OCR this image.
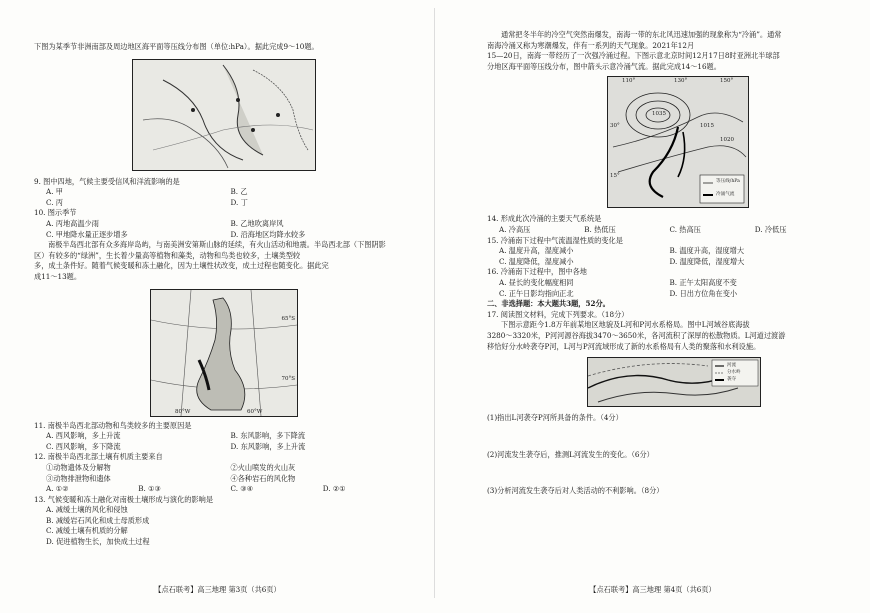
下图为某季节非洲南部及周边地区海平面等压线分布图（单位:hPa）。据此完成9～10题。

9. 图中四地，气候主要受信风和洋流影响的是

A. 甲	B. 乙
C. 丙	D. 丁

10. 图示季节

A. 丙地高温少雨	B. 乙地吹离岸风
C. 甲地降水量正逐步增多	D. 沿海地区均降水较多

南极半岛西北部有众多海岸岛屿，与南美洲安第斯山脉的延续，有火山活动和地震。半岛西北部（下图阴影

区）有较多的“绿洲”，生长着少量高等植物和藻类，动物和鸟类也较多，土壤类型较

多，成土条件好。随着气候变暖和冻土融化，因为土壤性状改变，成土过程也随变化。据此完

成11～13题。

65°S
70°S
80°W	60°W

11. 南极半岛西北部动物和鸟类较多的主要原因是

A. 西风影响，多上升流	B. 东风影响，多下降流
C. 西风影响，多下降流	D. 东风影响，多上升流

12. 南极半岛西北部土壤有机质主要来自

①动物遗体及分解物	②火山喷发的火山灰
③动物排泄物和遗体	④各种岩石的风化物
A. ①②	B. ①③	C. ③④	D. ②①

13. 气候变暖和冻土融化对南极土壤形成与演化的影响是

A. 减缓土壤的风化和侵蚀
B. 减缓岩石风化和成土母质形成
C. 减缓土壤有机质的分解
D. 促进植物生长，加快成土过程
【点石联考】高三地理 第3页（共6页）

通常把冬半年的冷空气突然南爆发，南海一带的东北风迅速加强的现象称为“冷涌”。通常

南海冷涌又称为寒潮爆发，伴有一系列的天气现象。2021年12月

15—20日，南海一带经历了一次强冷涌过程。下图示意北京时间12月17日8时亚洲北半球部

分地区海平面等压线分布，图中箭头示意冷涌气流。据此完成14～16题。

110°	130°	150°
30°
15°
1035
1015
1020
等压线/hPa
冷涌气流

14. 形成此次冷涌的主要天气系统是

A. 冷高压	B. 热低压	C. 热高压	D. 冷低压

15. 冷涌南下过程中气流温湿性质的变化是

A. 温度升高，湿度减小	B. 温度升高，湿度增大
C. 温度降低，湿度减小	D. 温度降低，湿度增大

16. 冷涌南下过程中，图中各地

A. 昼长的变化幅度相同	B. 正午太阳高度不变
C. 正午日影均指向正北	D. 日出方位角在变小

二、非选择题：本大题共3题，52分。

17. 阅读图文材料，完成下列要求。（18分）

下图示意距今1.8万年前某地区地貌及L河和P河水系格局。图中L河域谷底海拔

3280～3320米，P河河源谷海拔3470～3650米，各河流积了深厚的松散物质。L河道过渡游

移恰好分水岭袭夺P河，L河与P河流域形成了新的水系格局有人类的聚落和水利设施。

河流
分水岭
袭夺

(1)指出L河袭夺P河所具备的条件。（4分）

(2)河流发生袭夺后，推测L河流发生的变化。（6分）

(3)分析河流发生袭夺后对人类活动的不利影响。（8分）

【点石联考】高三地理 第4页（共6页）
